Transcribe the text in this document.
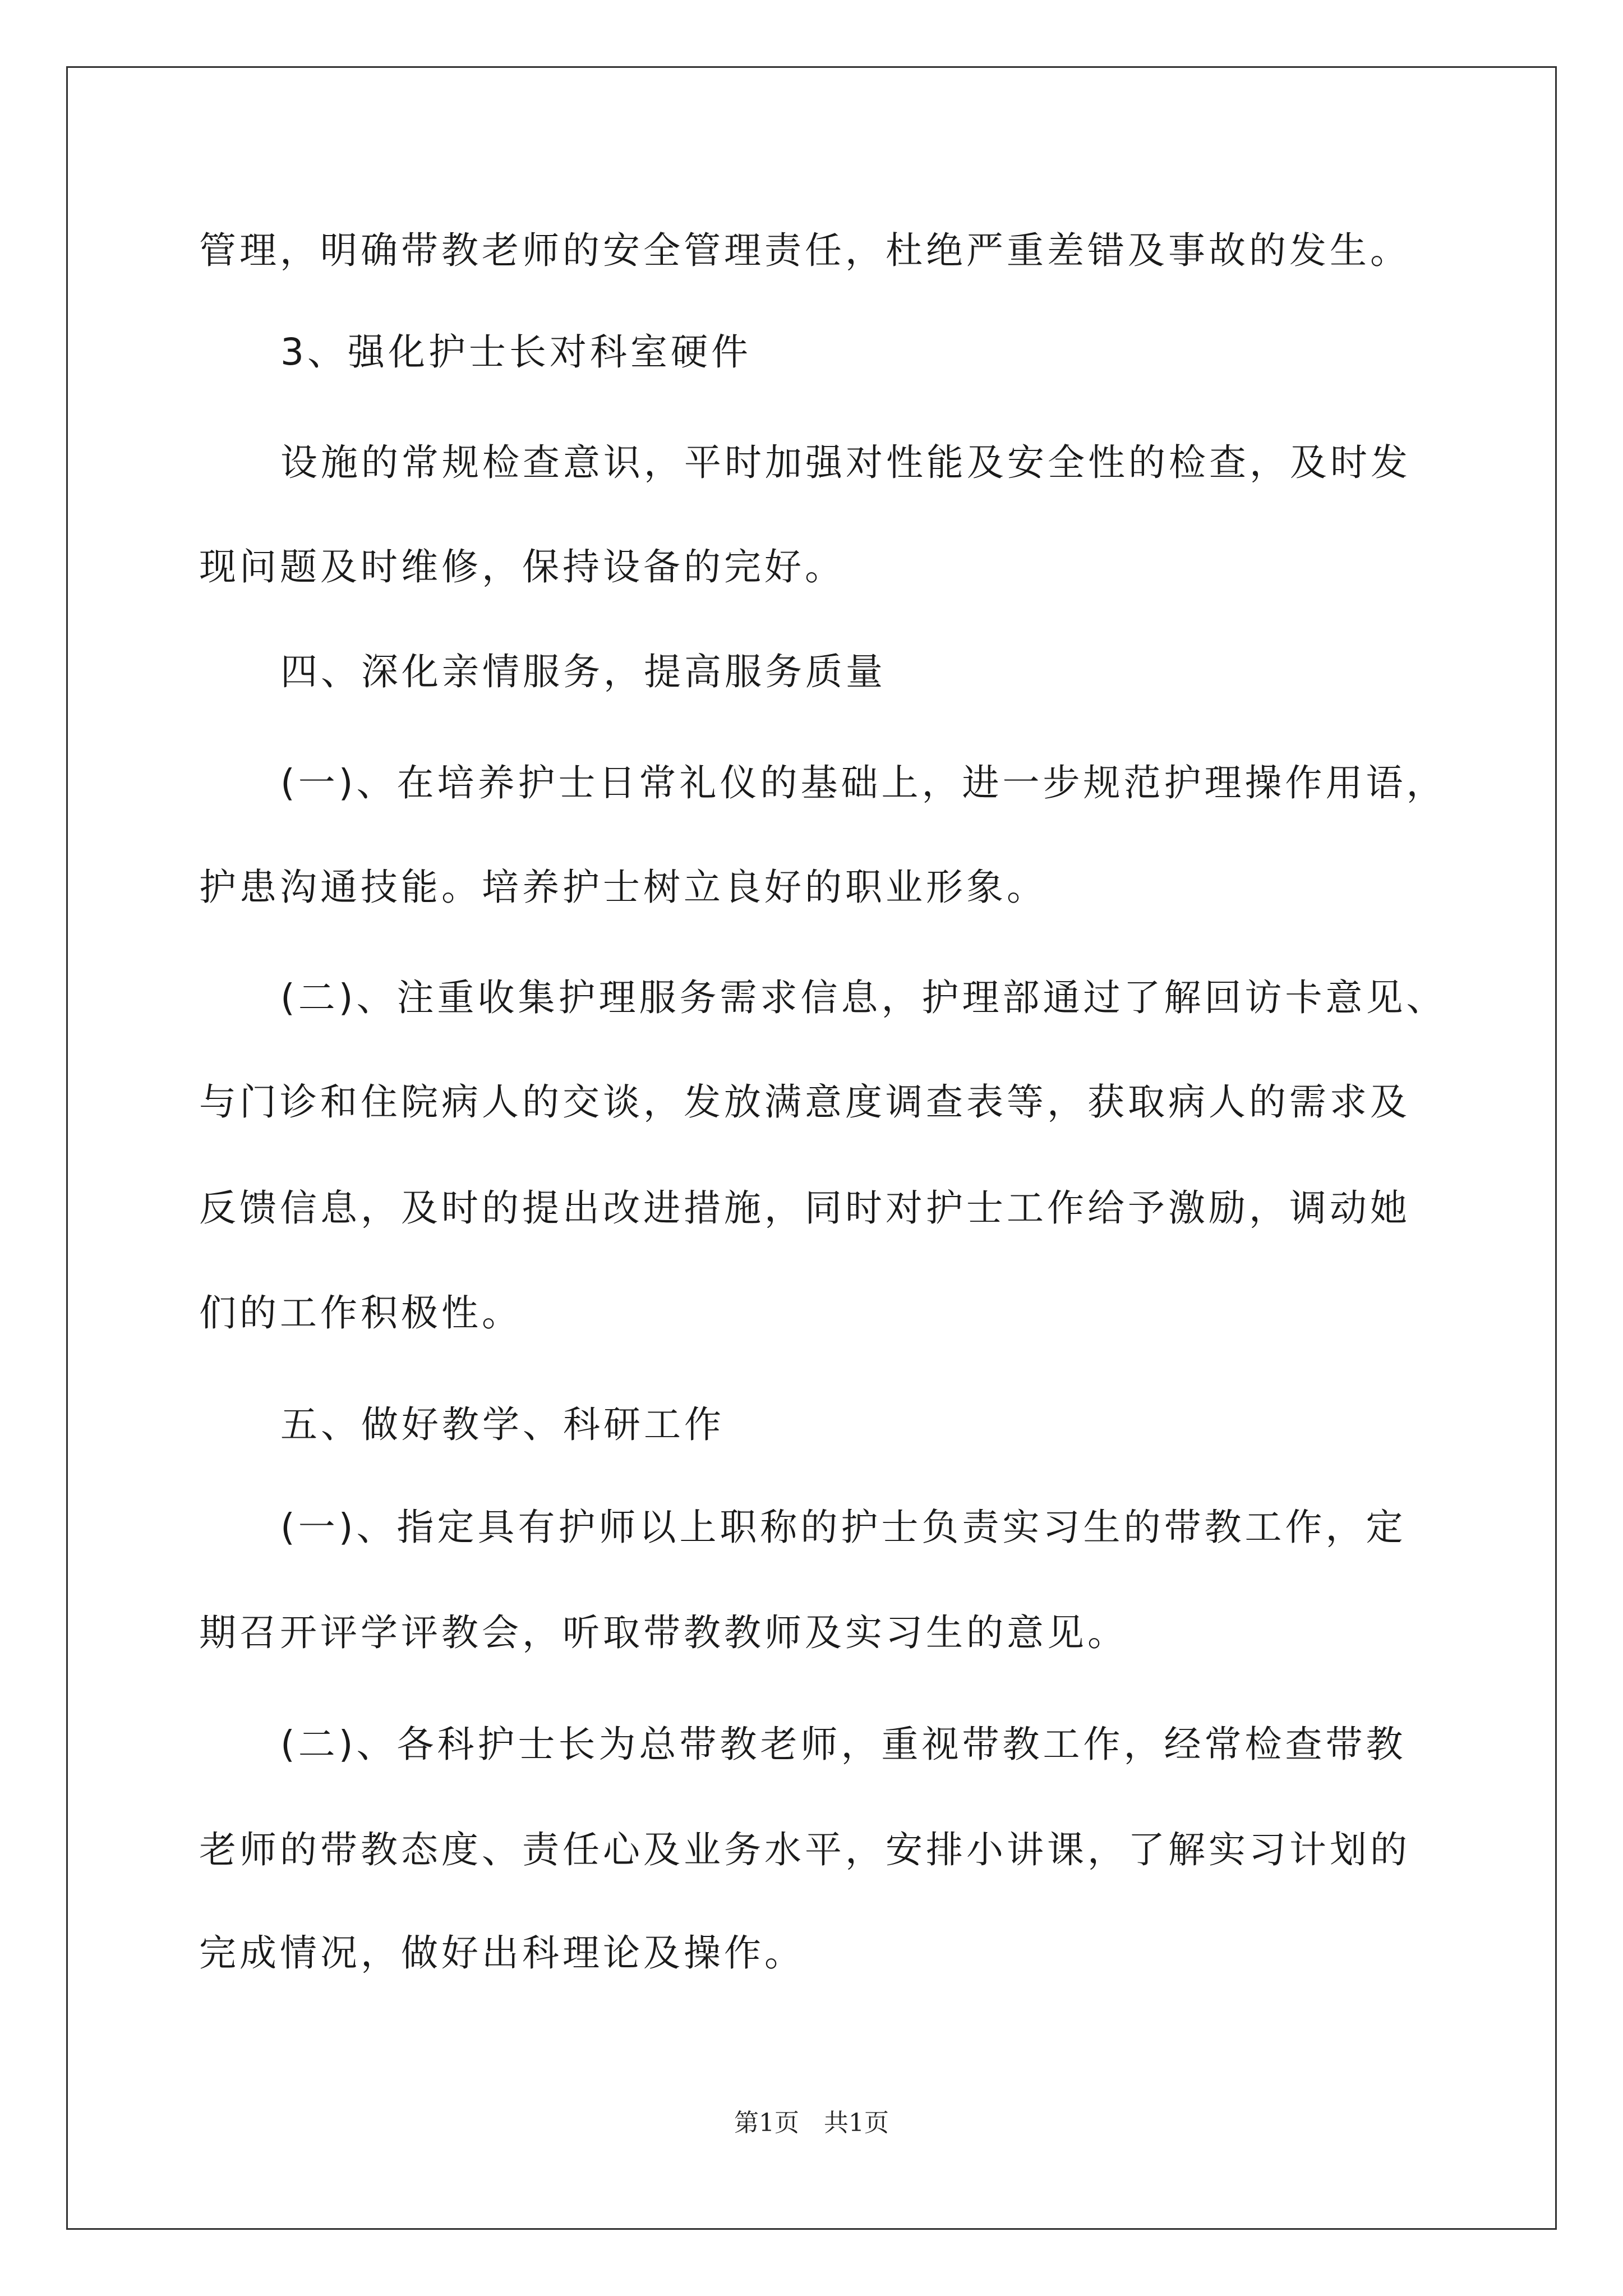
管理，明确带教老师的安全管理责任，杜绝严重差错及事故的发生。
3、强化护士长对科室硬件
设施的常规检查意识，平时加强对性能及安全性的检查，及时发
现问题及时维修，保持设备的完好。
四、深化亲情服务，提高服务质量
(一)、在培养护士日常礼仪的基础上，进一步规范护理操作用语，
护患沟通技能。培养护士树立良好的职业形象。
(二)、注重收集护理服务需求信息，护理部通过了解回访卡意见、
与门诊和住院病人的交谈，发放满意度调查表等，获取病人的需求及
反馈信息，及时的提出改进措施，同时对护士工作给予激励，调动她
们的工作积极性。
五、做好教学、科研工作
(一)、指定具有护师以上职称的护士负责实习生的带教工作，定
期召开评学评教会，听取带教教师及实习生的意见。
(二)、各科护士长为总带教老师，重视带教工作，经常检查带教
老师的带教态度、责任心及业务水平，安排小讲课，了解实习计划的
完成情况，做好出科理论及操作。
第1页　共1页
